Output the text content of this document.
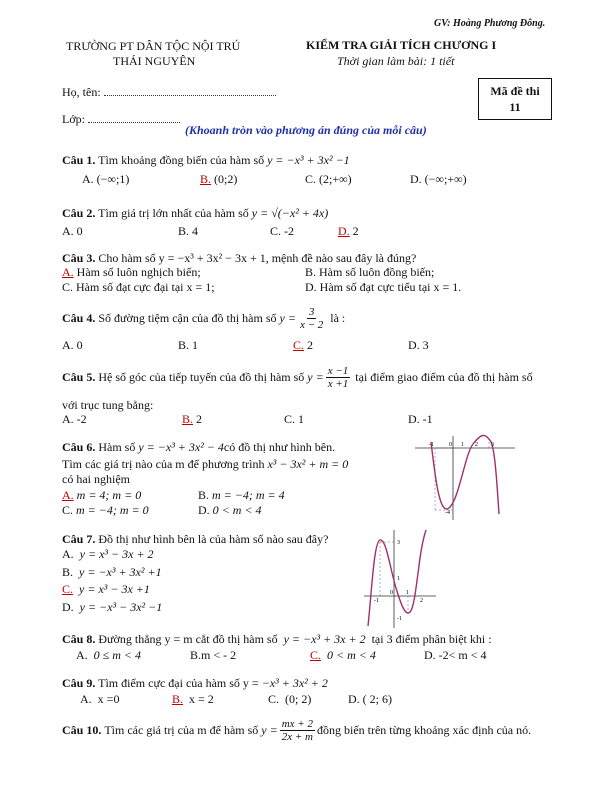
GV: Hoàng Phương Đông.
TRƯỜNG PT DÂN TỘC NỘI TRÚ
THÁI NGUYÊN
KIỂM TRA GIẢI TÍCH CHƯƠNG I
Thời gian làm bài: 1 tiết
Họ, tên:
Lớp:
Mã đề thi
11
(Khoanh tròn vào phương án đúng của mỗi câu)
Câu 1. Tìm khoảng đồng biến của hàm số y = −x³ + 3x² −1
A. (−∞;1)	B. (0;2)	C. (2;+∞)	D. (−∞;+∞)
Câu 2. Tìm giá trị lớn nhất của hàm số y = √(−x² + 4x)
A. 0	B. 4	C. -2	D. 2
Câu 3. Cho hàm số y = −x³ + 3x² − 3x + 1, mệnh đề nào sau đây là đúng?
A. Hàm số luôn nghịch biến;	B. Hàm số luôn đồng biến;
C. Hàm số đạt cực đại tại x = 1;	D. Hàm số đạt cực tiểu tại x = 1.
Câu 4.
Số đường tiệm cận của đồ thị hàm số
$y = \frac{3}{x - 2}$
là :
A. 0	B. 1	C. 2	D. 3
Câu 5.
Hệ số góc của tiếp tuyến của đồ thị hàm số
$y = \frac{x -1}{x +1}$
tại điểm giao điểm của đồ thị hàm số
với trục tung bằng:
A. -2	B. 2	C. 1	D. -1
Câu 6. Hàm số y = −x³ + 3x² − 4có đồ thị như hình bên.
Tìm các giá trị nào của m để phương trình x³ − 3x² + m = 0
có hai nghiệm
A. m = 4; m = 0	B. m = −4; m = 4
C. m = −4; m = 0	D. 0 < m < 4
-1	0 1 2 3
-4
Câu 7. Đồ thị như hình bên là của hàm số nào sau đây?
A. y = x³ − 3x + 2
B. y = −x³ + 3x² +1
C. y = x³ − 3x +1
D. y = −x³ − 3x² −1
3
1
-1
0
-1
1
2
Câu 8. Đường thẳng y = m cắt đồ thị hàm số y = −x³ + 3x + 2 tại 3 điểm phân biệt khi :
A. 0 ≤ m < 4	B.m < - 2	C. 0 < m < 4	D. -2< m < 4
Câu 9. Tìm điểm cực đại của hàm số y = −x³ + 3x² + 2
A. x =0	B. x = 2	C. (0; 2)	D. ( 2; 6)
Câu 10.
Tìm các giá trị của m để hàm số
$y = \frac{mx + 2}{2x + m}$ đồng biến trên từng khoảng xác định của nó.
